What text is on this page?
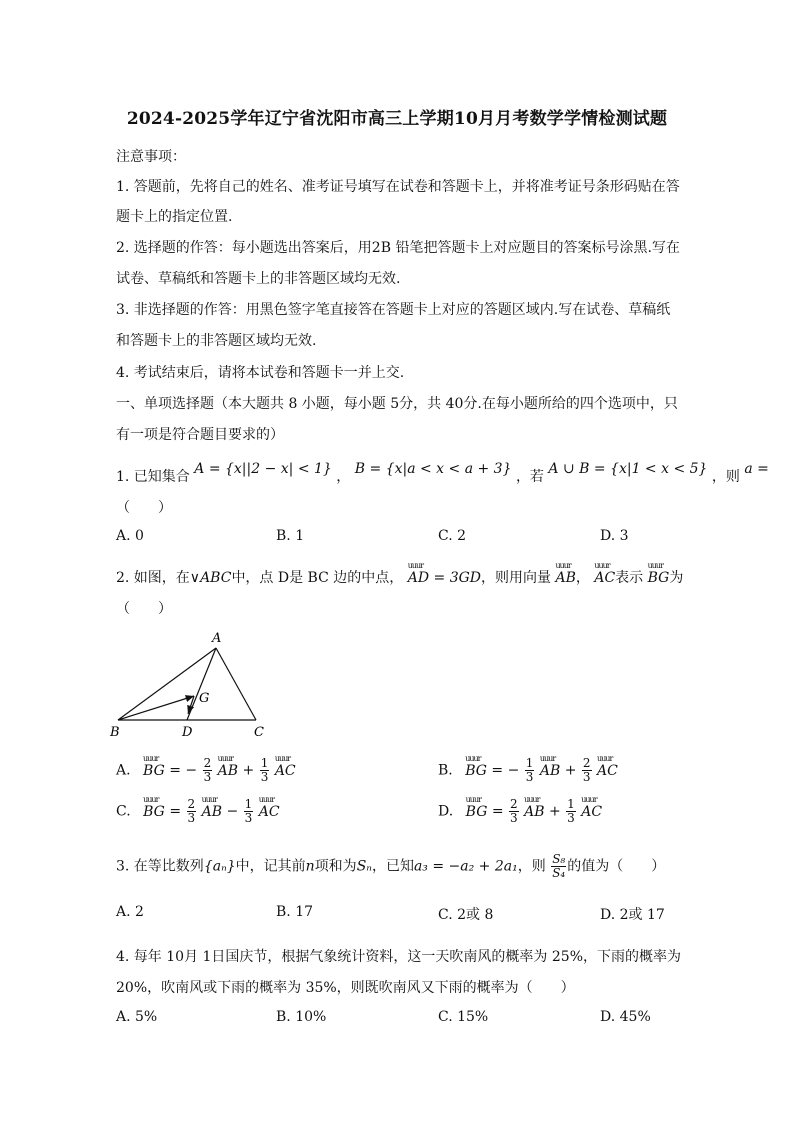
2024-2025学年辽宁省沈阳市高三上学期10月月考数学学情检测试题
注意事项：
1. 答题前，先将自己的姓名、准考证号填写在试卷和答题卡上，并将准考证号条形码贴在答
题卡上的指定位置.
2. 选择题的作答：每小题选出答案后，用2B 铅笔把答题卡上对应题目的答案标号涂黑.写在
试卷、草稿纸和答题卡上的非答题区域均无效.
3. 非选择题的作答：用黑色签字笔直接答在答题卡上对应的答题区域内.写在试卷、草稿纸
和答题卡上的非答题区域均无效.
4. 考试结束后，请将本试卷和答题卡一并上交.
一、单项选择题（本大题共 8 小题，每小题 5分，共 40分.在每小题所给的四个选项中，只
有一项是符合题目要求的）
1. 已知集合 A = {x||2 − x| < 1} ， B = {x|a < x < a + 3} ，若 A ∪ B = {x|1 < x < 5} ，则 a =
（　　）
A. 0	B. 1	C. 2	D. 3
2. 如图，在∨ABC中，点 D是 BC 边的中点， uuur AD = 3GD，则用向量 uuur AB， uuur AC表示 uuur BG为
（　　）
A
B	C
D
G
A. uuur BG = − $\frac{2}{3}$ uuur AB + $\frac{1}{3}$ uuur AC	B. uuur BG = − $\frac{1}{3}$ uuur AB + $\frac{2}{3}$ uuur AC
C. uuur BG = $\frac{2}{3}$ uuur AB − $\frac{1}{3}$ uuur AC	D. uuur BG = $\frac{2}{3}$ uuur AB + $\frac{1}{3}$ uuur AC
3. 在等比数列{aₙ}中，记其前n项和为Sₙ，已知a₃ = −a₂ + 2a₁，则 $\frac{\text{S₈}}{\text{S₄}}$ 的值为（　　）
A. 2	B. 17	C. 2或 8	D. 2或 17
4. 每年 10月 1日国庆节，根据气象统计资料，这一天吹南风的概率为 25%，下雨的概率为
20%，吹南风或下雨的概率为 35%，则既吹南风又下雨的概率为（　　）
A. 5%	B. 10%	C. 15%	D. 45%
